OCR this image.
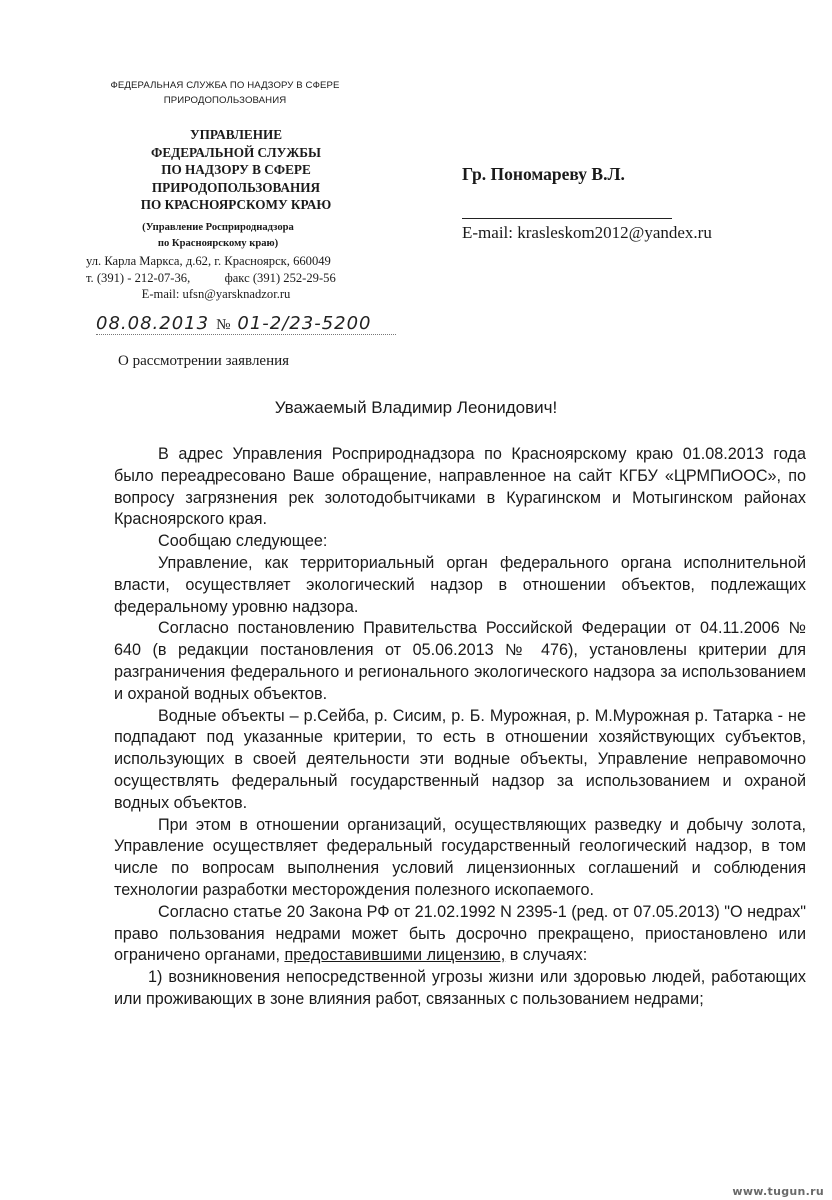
ФЕДЕРАЛЬНАЯ СЛУЖБА ПО НАДЗОРУ В СФЕРЕ
ПРИРОДОПОЛЬЗОВАНИЯ
УПРАВЛЕНИЕ
ФЕДЕРАЛЬНОЙ СЛУЖБЫ
ПО НАДЗОРУ В СФЕРЕ
ПРИРОДОПОЛЬЗОВАНИЯ
ПО КРАСНОЯРСКОМУ КРАЮ
(Управление Росприроднадзора
по Красноярскому краю)
ул. Карла Маркса, д.62, г. Красноярск, 660049
т. (391) - 212-07-36,	факс (391) 252-29-56
E-mail: ufsn@yarsknadzor.ru
08.08.2013 № 01-2/23-5200
О рассмотрении заявления
Гр. Пономареву В.Л.
E-mail: krasleskom2012@yandex.ru
Уважаемый Владимир Леонидович!

В адрес Управления Росприроднадзора по Красноярскому краю 01.08.2013 года было переадресовано Ваше обращение, направленное на сайт КГБУ «ЦРМПиООС», по вопросу загрязнения рек золотодобытчиками в Курагинском и Мотыгинском районах Красноярского края.

Сообщаю следующее:

Управление, как территориальный орган федерального органа исполнительной власти, осуществляет экологический надзор в отношении объектов, подлежащих федеральному уровню надзора.

Согласно постановлению Правительства Российской Федерации от 04.11.2006 № 640 (в редакции постановления от 05.06.2013 № 476), установлены критерии для разграничения федерального и регионального экологического надзора за использованием и охраной водных объектов.

Водные объекты – р.Сейба, р. Сисим, р. Б. Мурожная, р. М.Мурожная р. Татарка - не подпадают под указанные критерии, то есть в отношении хозяйствующих субъектов, использующих в своей деятельности эти водные объекты, Управление неправомочно осуществлять федеральный государственный надзор за использованием и охраной водных объектов.

При этом в отношении организаций, осуществляющих разведку и добычу золота, Управление осуществляет федеральный государственный геологический надзор, в том числе по вопросам выполнения условий лицензионных соглашений и соблюдения технологии разработки месторождения полезного ископаемого.

Согласно статье 20 Закона РФ от 21.02.1992 N 2395-1 (ред. от 07.05.2013) "О недрах" право пользования недрами может быть досрочно прекращено, приостановлено или ограничено органами, предоставившими лицензию, в случаях:

1) возникновения непосредственной угрозы жизни или здоровью людей, работающих или проживающих в зоне влияния работ, связанных с пользованием недрами;

www.tugun.ru
